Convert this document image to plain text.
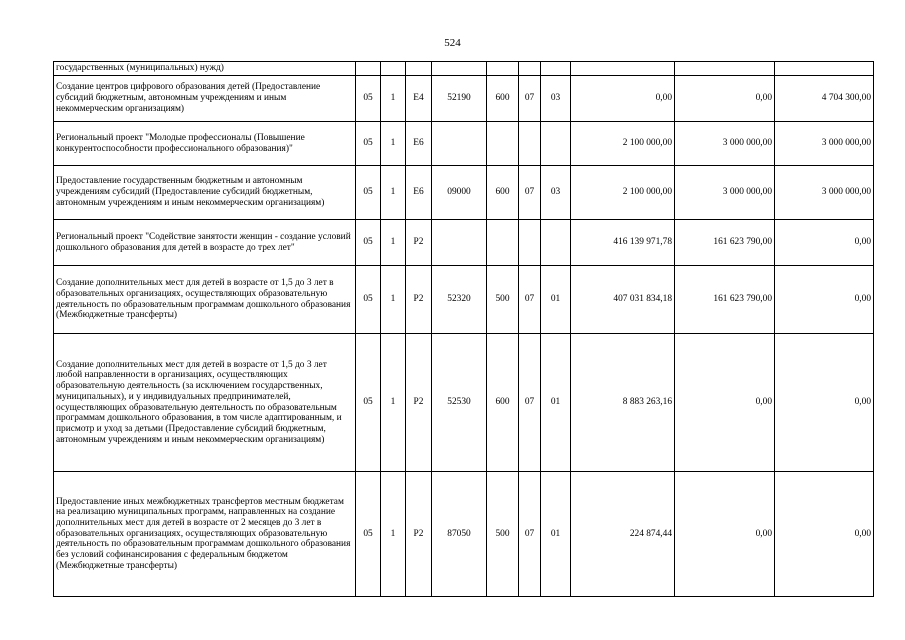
524
государственных (муниципальных) нужд)										
Создание центров цифрового образования детей (Предоставление субсидий бюджетным, автономным учреждениям и иным некоммерческим организациям)	05	1	E4	52190	600	07	03	0,00	0,00	4 704 300,00
Региональный проект "Молодые профессионалы (Повышение конкурентоспособности профессионального образования)"	05	1	E6					2 100 000,00	3 000 000,00	3 000 000,00
Предоставление государственным бюджетным и автономным учреждениям субсидий (Предоставление субсидий бюджетным, автономным учреждениям и иным некоммерческим организациям)	05	1	E6	09000	600	07	03	2 100 000,00	3 000 000,00	3 000 000,00
Региональный проект "Содействие занятости женщин - создание условий дошкольного образования для детей в возрасте до трех лет"	05	1	P2					416 139 971,78	161 623 790,00	0,00
Создание дополнительных мест для детей в возрасте от 1,5 до 3 лет в образовательных организациях, осуществляющих образовательную деятельность по образовательным программам дошкольного образования (Межбюджетные трансферты)	05	1	P2	52320	500	07	01	407 031 834,18	161 623 790,00	0,00
Создание дополнительных мест для детей в возрасте от 1,5 до 3 лет любой направленности в организациях, осуществляющих образовательную деятельность (за исключением государственных, муниципальных), и у индивидуальных предпринимателей, осуществляющих образовательную деятельность по образовательным программам дошкольного образования, в том числе адаптированным, и присмотр и уход за детьми (Предоставление субсидий бюджетным, автономным учреждениям и иным некоммерческим организациям)	05	1	P2	52530	600	07	01	8 883 263,16	0,00	0,00
Предоставление иных межбюджетных трансфертов местным бюджетам на реализацию муниципальных программ, направленных на создание дополнительных мест для детей в возрасте от 2 месяцев до 3 лет в образовательных организациях, осуществляющих образовательную деятельность по образовательным программам дошкольного образования без условий софинансирования с федеральным бюджетом (Межбюджетные трансферты)	05	1	P2	87050	500	07	01	224 874,44	0,00	0,00
